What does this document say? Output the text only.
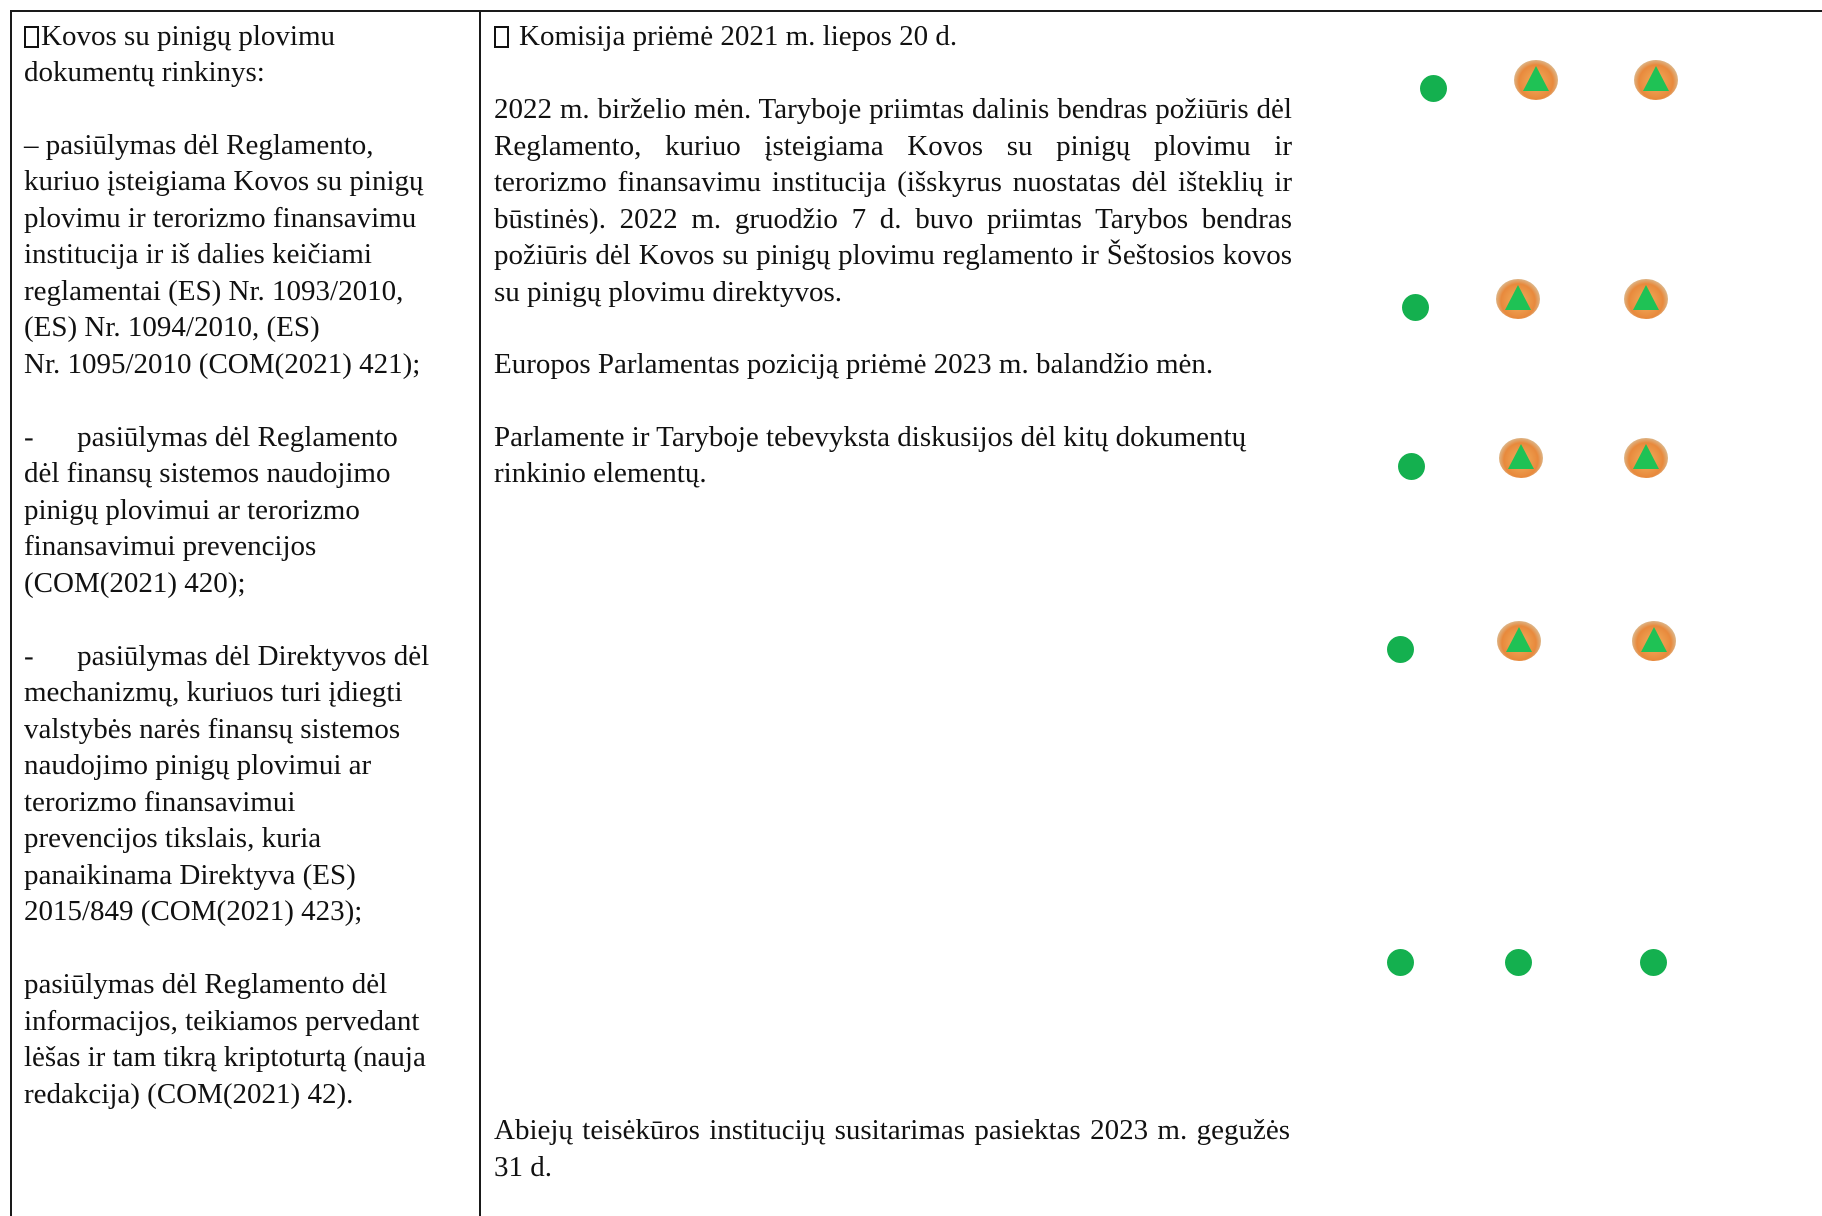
Kovos su pinigų plovimu
dokumentų rinkinys:
– pasiūlymas dėl Reglamento,
kuriuo įsteigiama Kovos su pinigų
plovimu ir terorizmo finansavimu
institucija ir iš dalies keičiami
reglamentai (ES) Nr. 1093/2010,
(ES) Nr. 1094/2010, (ES)
Nr. 1095/2010 (COM(2021) 421);
-      pasiūlymas dėl Reglamento
dėl finansų sistemos naudojimo
pinigų plovimui ar terorizmo
finansavimui prevencijos
(COM(2021) 420);
-      pasiūlymas dėl Direktyvos dėl
mechanizmų, kuriuos turi įdiegti
valstybės narės finansų sistemos
naudojimo pinigų plovimui ar
terorizmo finansavimui
prevencijos tikslais, kuria
panaikinama Direktyva (ES)
2015/849 (COM(2021) 423);
pasiūlymas dėl Reglamento dėl
informacijos, teikiamos pervedant
lėšas ir tam tikrą kriptoturtą (nauja
redakcija) (COM(2021) 42).
Komisija priėmė 2021 m. liepos 20 d.
2022 m. birželio mėn. Taryboje priimtas dalinis bendras požiūris dėl Reglamento, kuriuo įsteigiama Kovos su pinigų plovimu ir terorizmo finansavimu institucija (išskyrus nuostatas dėl išteklių ir būstinės). 2022 m. gruodžio 7 d. buvo priimtas Tarybos bendras požiūris dėl Kovos su pinigų plovimu reglamento ir Šeštosios kovos su pinigų plovimu direktyvos.
Europos Parlamentas poziciją priėmė 2023 m. balandžio mėn.
Parlamente ir Taryboje tebevyksta diskusijos dėl kitų dokumentų
rinkinio elementų.
Abiejų teisėkūros institucijų susitarimas pasiektas 2023 m. gegužės 31 d.
